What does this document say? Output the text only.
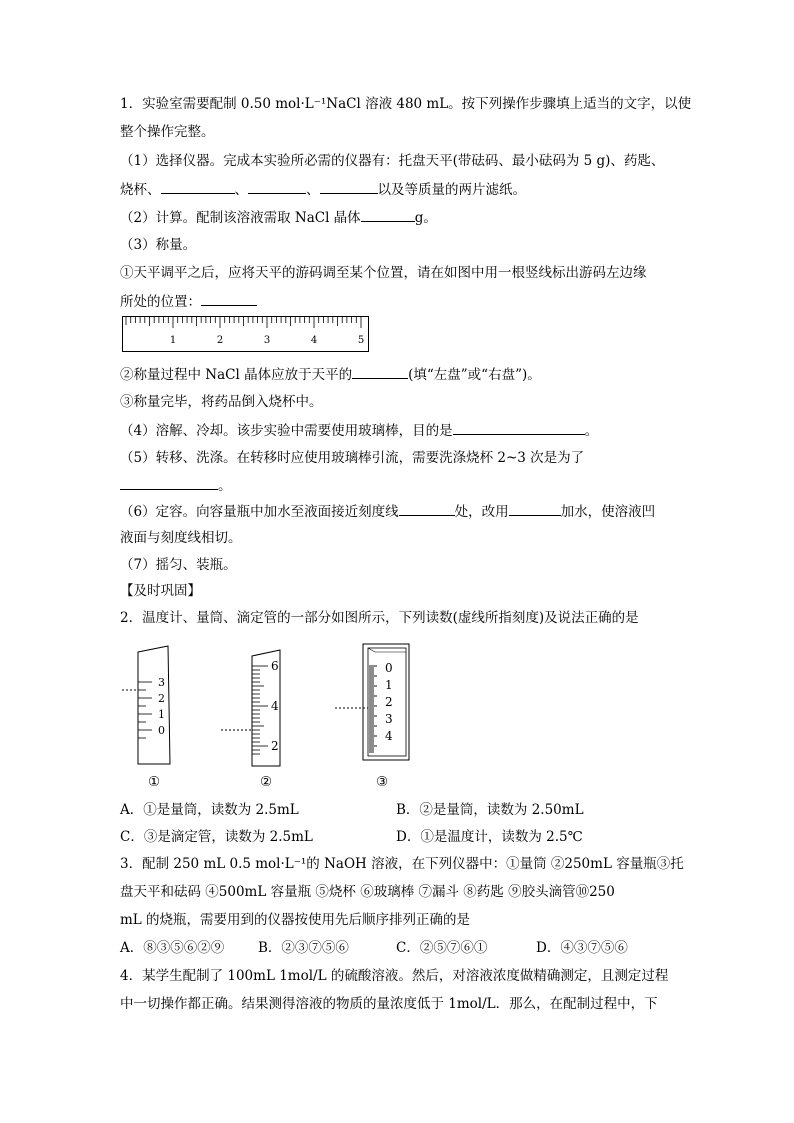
1．实验室需要配制 0.50 mol·L⁻¹NaCl 溶液 480 mL。按下列操作步骤填上适当的文字，以使
整个操作完整。
（1）选择仪器。完成本实验所必需的仪器有：托盘天平(带砝码、最小砝码为 5 g)、药匙、
烧杯、	、	、	以及等质量的两片滤纸。
（2）计算。配制该溶液需取 NaCl 晶体	g。
（3）称量。
①天平调平之后，应将天平的游码调至某个位置，请在如图中用一根竖线标出游码左边缘
所处的位置：
1	2	3	4	5
②称量过程中 NaCl 晶体应放于天平的	(填“左盘”或“右盘”)。
③称量完毕，将药品倒入烧杯中。
（4）溶解、冷却。该步实验中需要使用玻璃棒，目的是	。
（5）转移、洗涤。在转移时应使用玻璃棒引流，需要洗涤烧杯 2~3 次是为了
。
（6）定容。向容量瓶中加水至液面接近刻度线	处，改用	加水，使溶液凹
液面与刻度线相切。
（7）摇匀、装瓶。
【及时巩固】
2．温度计、量筒、滴定管的一部分如图所示，下列读数(虚线所指刻度)及说法正确的是
3
2
1
0
6
4
2
0
1
2
3
4
①	②	③
A．①是量筒，读数为 2.5mL	B．②是量筒，读数为 2.50mL
C．③是滴定管，读数为 2.5mL	D．①是温度计，读数为 2.5℃
3．配制 250 mL 0.5 mol·L⁻¹的 NaOH 溶液，在下列仪器中：①量筒 ②250mL 容量瓶③托
盘天平和砝码 ④500mL 容量瓶 ⑤烧杯 ⑥玻璃棒 ⑦漏斗 ⑧药匙 ⑨胶头滴管⑩250
mL 的烧瓶，需要用到的仪器按使用先后顺序排列正确的是
A．⑧③⑤⑥②⑨	B．②③⑦⑤⑥	C．②⑤⑦⑥①	D．④③⑦⑤⑥
4．某学生配制了 100mL 1mol/L 的硫酸溶液。然后，对溶液浓度做精确测定，且测定过程
中一切操作都正确。结果测得溶液的物质的量浓度低于 1mol/L．那么，在配制过程中，下
